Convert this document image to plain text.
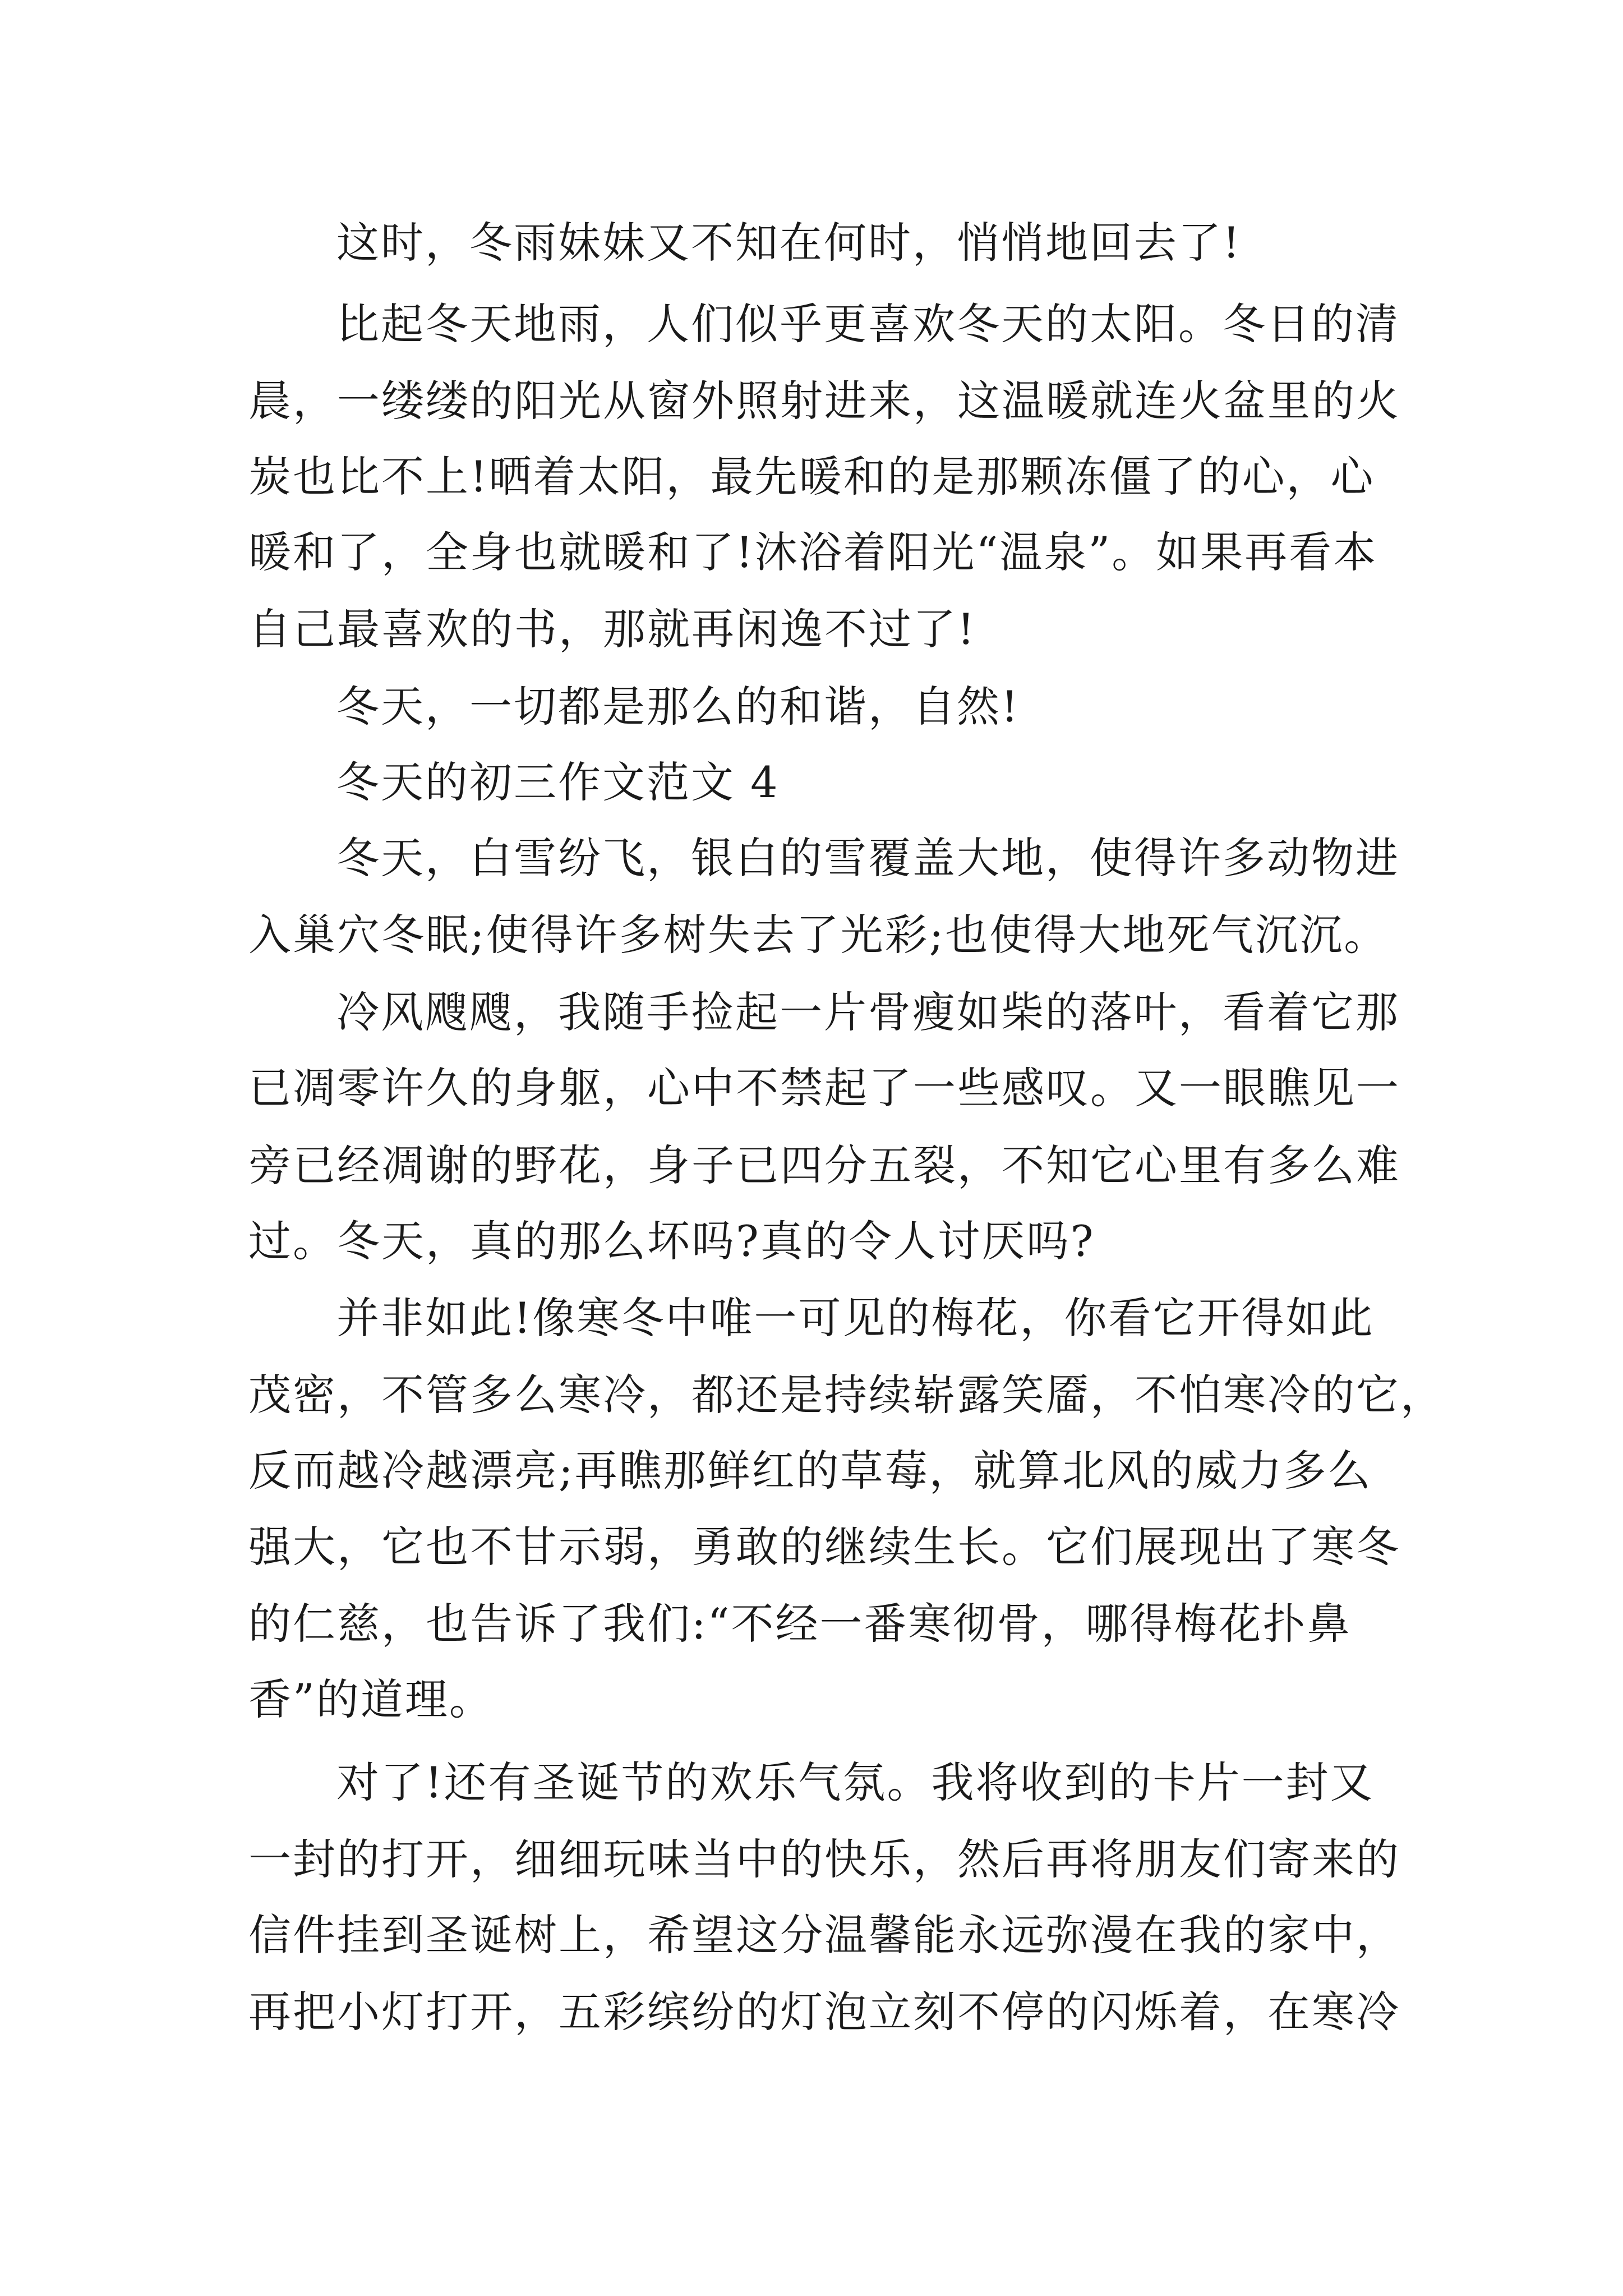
这时，冬雨妹妹又不知在何时，悄悄地回去了!
比起冬天地雨，人们似乎更喜欢冬天的太阳。冬日的清
晨，一缕缕的阳光从窗外照射进来，这温暖就连火盆里的火
炭也比不上!晒着太阳，最先暖和的是那颗冻僵了的心，心
暖和了，全身也就暖和了!沐浴着阳光“温泉”。如果再看本
自己最喜欢的书，那就再闲逸不过了!
冬天，一切都是那么的和谐，自然!
冬天的初三作文范文 4
冬天，白雪纷飞，银白的雪覆盖大地，使得许多动物进
入巢穴冬眠;使得许多树失去了光彩;也使得大地死气沉沉。
冷风飕飕，我随手捡起一片骨瘦如柴的落叶，看着它那
已凋零许久的身躯，心中不禁起了一些感叹。又一眼瞧见一
旁已经凋谢的野花，身子已四分五裂，不知它心里有多么难
过。冬天，真的那么坏吗?真的令人讨厌吗?
并非如此!像寒冬中唯一可见的梅花，你看它开得如此
茂密，不管多么寒冷，都还是持续崭露笑靥，不怕寒冷的它，
反而越冷越漂亮;再瞧那鲜红的草莓，就算北风的威力多么
强大，它也不甘示弱，勇敢的继续生长。它们展现出了寒冬
的仁慈，也告诉了我们:“不经一番寒彻骨，哪得梅花扑鼻
香”的道理。
对了!还有圣诞节的欢乐气氛。我将收到的卡片一封又
一封的打开，细细玩味当中的快乐，然后再将朋友们寄来的
信件挂到圣诞树上，希望这分温馨能永远弥漫在我的家中，
再把小灯打开，五彩缤纷的灯泡立刻不停的闪烁着，在寒冷
